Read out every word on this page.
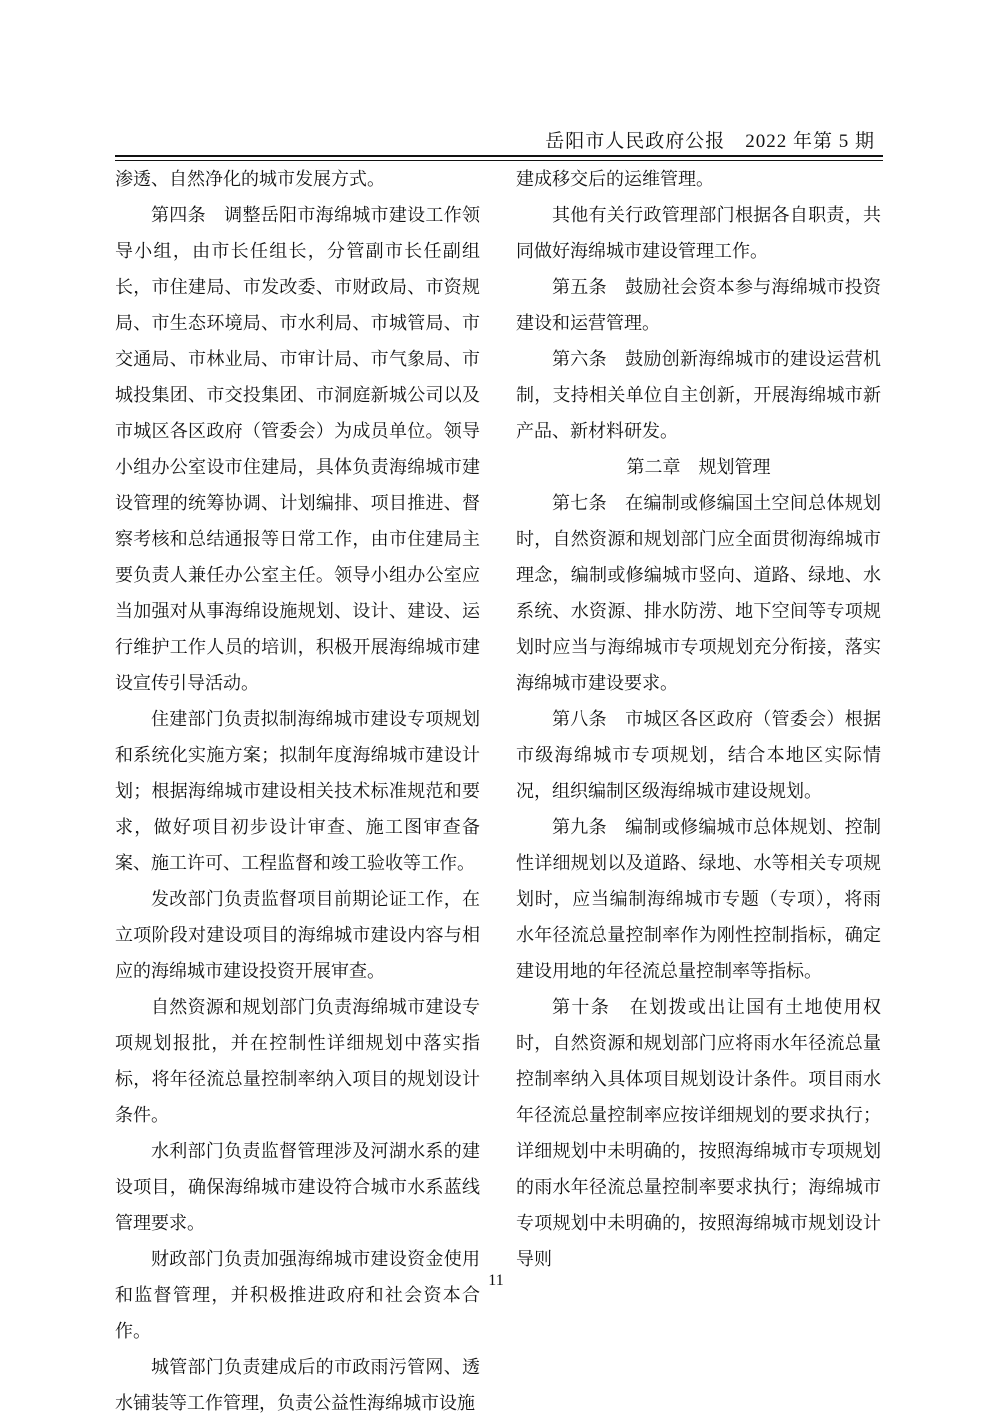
岳阳市人民政府公报　2022 年第 5 期

渗透、自然净化的城市发展方式。

第四条　调整岳阳市海绵城市建设工作领导小组，由市长任组长，分管副市长任副组长，市住建局、市发改委、市财政局、市资规局、市生态环境局、市水利局、市城管局、市交通局、市林业局、市审计局、市气象局、市城投集团、市交投集团、市洞庭新城公司以及市城区各区政府（管委会）为成员单位。领导小组办公室设市住建局，具体负责海绵城市建设管理的统筹协调、计划编排、项目推进、督察考核和总结通报等日常工作，由市住建局主要负责人兼任办公室主任。领导小组办公室应当加强对从事海绵设施规划、设计、建设、运行维护工作人员的培训，积极开展海绵城市建设宣传引导活动。

住建部门负责拟制海绵城市建设专项规划和系统化实施方案；拟制年度海绵城市建设计划；根据海绵城市建设相关技术标准规范和要求，做好项目初步设计审查、施工图审查备案、施工许可、工程监督和竣工验收等工作。

发改部门负责监督项目前期论证工作，在立项阶段对建设项目的海绵城市建设内容与相应的海绵城市建设投资开展审查。

自然资源和规划部门负责海绵城市建设专项规划报批，并在控制性详细规划中落实指标，将年径流总量控制率纳入项目的规划设计条件。

水利部门负责监督管理涉及河湖水系的建设项目，确保海绵城市建设符合城市水系蓝线管理要求。

财政部门负责加强海绵城市建设资金使用和监督管理，并积极推进政府和社会资本合作。

城管部门负责建成后的市政雨污管网、透水铺装等工作管理，负责公益性海绵城市设施

建成移交后的运维管理。

其他有关行政管理部门根据各自职责，共同做好海绵城市建设管理工作。

第五条　鼓励社会资本参与海绵城市投资建设和运营管理。

第六条　鼓励创新海绵城市的建设运营机制，支持相关单位自主创新，开展海绵城市新产品、新材料研发。

第二章　规划管理

第七条　在编制或修编国土空间总体规划时，自然资源和规划部门应全面贯彻海绵城市理念，编制或修编城市竖向、道路、绿地、水系统、水资源、排水防涝、地下空间等专项规划时应当与海绵城市专项规划充分衔接，落实海绵城市建设要求。

第八条　市城区各区政府（管委会）根据市级海绵城市专项规划，结合本地区实际情况，组织编制区级海绵城市建设规划。

第九条　编制或修编城市总体规划、控制性详细规划以及道路、绿地、水等相关专项规划时，应当编制海绵城市专题（专项），将雨水年径流总量控制率作为刚性控制指标，确定建设用地的年径流总量控制率等指标。

第十条　在划拨或出让国有土地使用权时，自然资源和规划部门应将雨水年径流总量控制率纳入具体项目规划设计条件。项目雨水年径流总量控制率应按详细规划的要求执行；详细规划中未明确的，按照海绵城市专项规划的雨水年径流总量控制率要求执行；海绵城市专项规划中未明确的，按照海绵城市规划设计导则

11
